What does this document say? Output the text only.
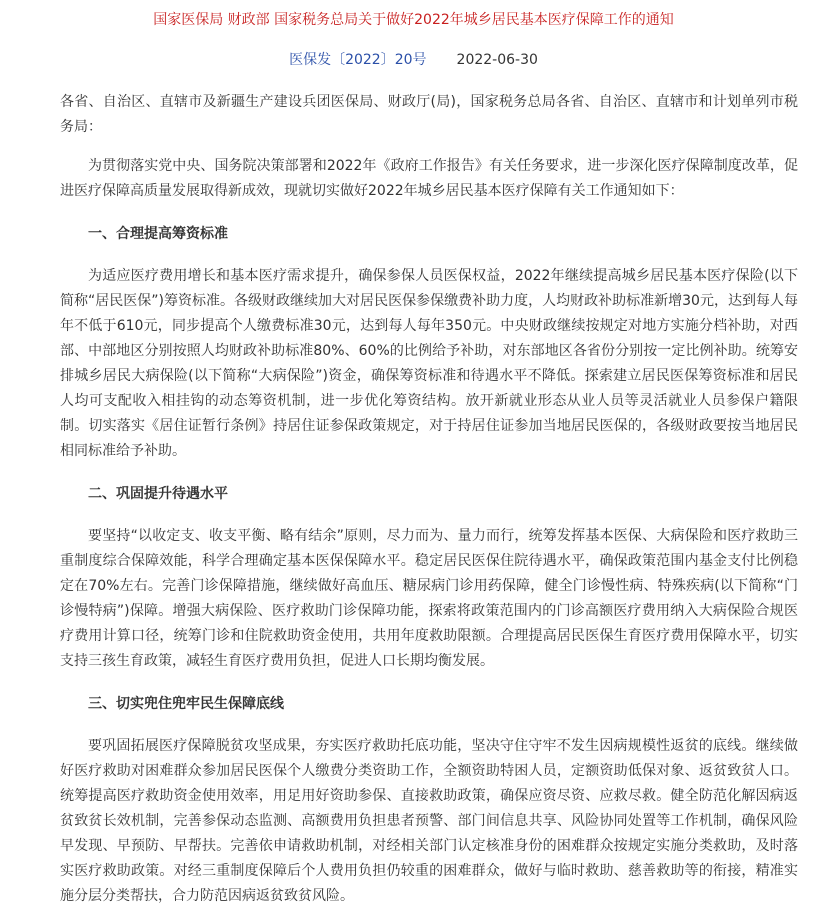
国家医保局 财政部 国家税务总局关于做好2022年城乡居民基本医疗保障工作的通知
医保发〔2022〕20号 2022-06-30

各省、自治区、直辖市及新疆生产建设兵团医保局、财政厅(局)，国家税务总局各省、自治区、直辖市和计划单列市税务局：

为贯彻落实党中央、国务院决策部署和2022年《政府工作报告》有关任务要求，进一步深化医疗保障制度改革，促进医疗保障高质量发展取得新成效，现就切实做好2022年城乡居民基本医疗保障有关工作通知如下：

一、合理提高筹资标准

为适应医疗费用增长和基本医疗需求提升，确保参保人员医保权益，2022年继续提高城乡居民基本医疗保险(以下简称“居民医保”)筹资标准。各级财政继续加大对居民医保参保缴费补助力度，人均财政补助标准新增30元，达到每人每年不低于610元，同步提高个人缴费标准30元，达到每人每年350元。中央财政继续按规定对地方实施分档补助，对西部、中部地区分别按照人均财政补助标准80%、60%的比例给予补助，对东部地区各省份分别按一定比例补助。统筹安排城乡居民大病保险(以下简称“大病保险”)资金，确保筹资标准和待遇水平不降低。探索建立居民医保筹资标准和居民人均可支配收入相挂钩的动态筹资机制，进一步优化筹资结构。放开新就业形态从业人员等灵活就业人员参保户籍限制。切实落实《居住证暂行条例》持居住证参保政策规定，对于持居住证参加当地居民医保的，各级财政要按当地居民相同标准给予补助。

二、巩固提升待遇水平

要坚持“以收定支、收支平衡、略有结余”原则，尽力而为、量力而行，统筹发挥基本医保、大病保险和医疗救助三重制度综合保障效能，科学合理确定基本医保保障水平。稳定居民医保住院待遇水平，确保政策范围内基金支付比例稳定在70%左右。完善门诊保障措施，继续做好高血压、糖尿病门诊用药保障，健全门诊慢性病、特殊疾病(以下简称“门诊慢特病”)保障。增强大病保险、医疗救助门诊保障功能，探索将政策范围内的门诊高额医疗费用纳入大病保险合规医疗费用计算口径，统筹门诊和住院救助资金使用，共用年度救助限额。合理提高居民医保生育医疗费用保障水平，切实支持三孩生育政策，减轻生育医疗费用负担，促进人口长期均衡发展。

三、切实兜住兜牢民生保障底线

要巩固拓展医疗保障脱贫攻坚成果，夯实医疗救助托底功能，坚决守住守牢不发生因病规模性返贫的底线。继续做好医疗救助对困难群众参加居民医保个人缴费分类资助工作，全额资助特困人员，定额资助低保对象、返贫致贫人口。统筹提高医疗救助资金使用效率，用足用好资助参保、直接救助政策，确保应资尽资、应救尽救。健全防范化解因病返贫致贫长效机制，完善参保动态监测、高额费用负担患者预警、部门间信息共享、风险协同处置等工作机制，确保风险早发现、早预防、早帮扶。完善依申请救助机制，对经相关部门认定核准身份的困难群众按规定实施分类救助，及时落实医疗救助政策。对经三重制度保障后个人费用负担仍较重的困难群众，做好与临时救助、慈善救助等的衔接，精准实施分层分类帮扶，合力防范因病返贫致贫风险。
